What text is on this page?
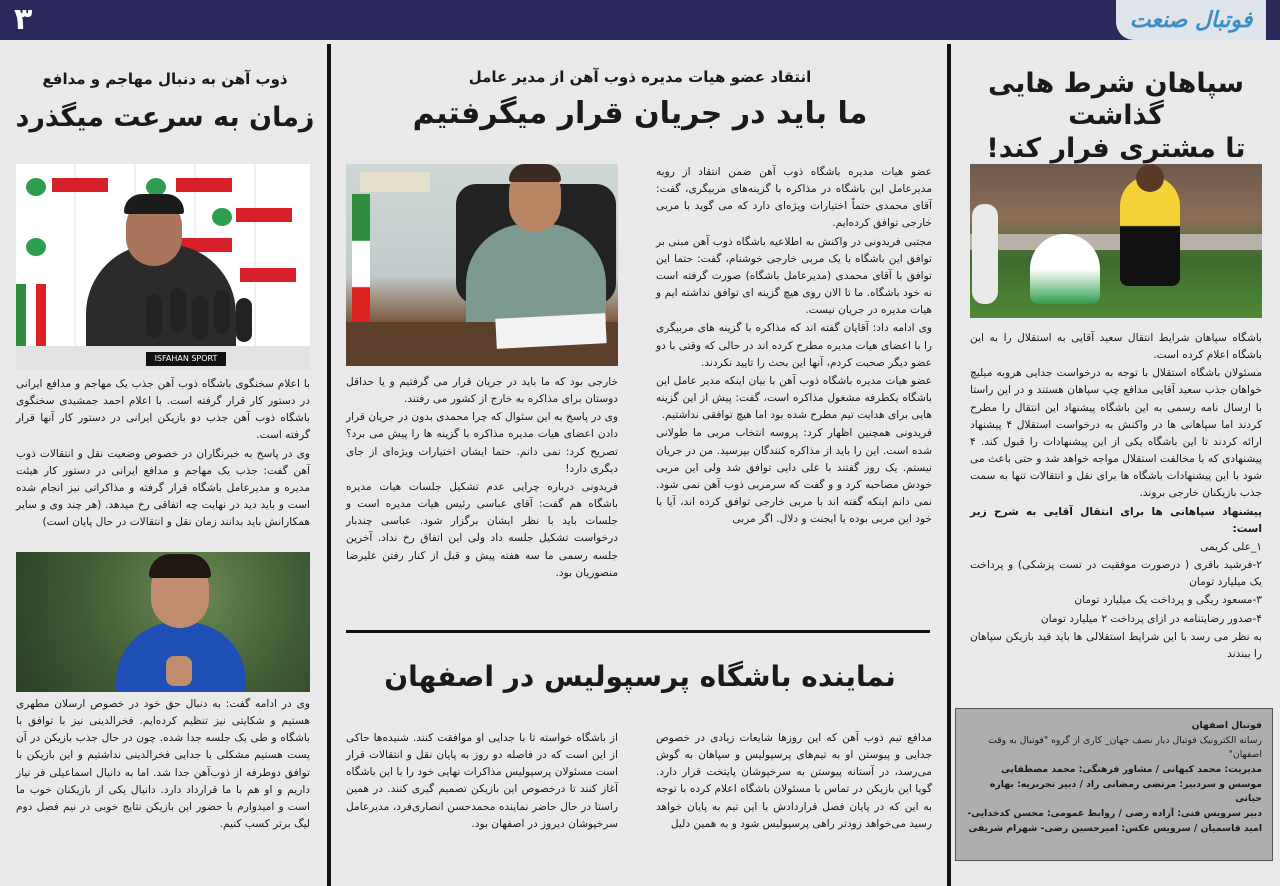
۳	فوتبال صنعت
سپاهان شرط هایی گذاشت
تا مشتری فرار کند!

باشگاه سپاهان شرایط انتقال سعید آقایی به استقلال را به این باشگاه اعلام کرده است.

مسئولان باشگاه استقلال با توجه به درخواست جدایی هروبه میلیچ خواهان جذب سعید آقایی مدافع چپ سپاهان هستند و در این راستا با ارسال نامه رسمی به این باشگاه پیشنهاد این انتقال را مطرح کردند اما سپاهانی ها در واکنش به درخواست استقلال ۴ پیشنهاد ارائه کردند تا این باشگاه یکی از این پیشنهادات را قبول کند. ۴ پیشنهادی که با مخالفت استقلال مواجه خواهد شد و حتی باعث می شود با این پیشنهادات باشگاه ها برای نقل و انتقالات تنها به سمت جذب بازیکنان خارجی بروند.

پیشنهاد سپاهانی ها برای انتقال آقایی به شرح زیر است:

۱_علی کریمی

۲-فرشید باقری ( درصورت موفقیت در تست پزشکی) و پرداخت یک میلیارد تومان

۳-مسعود ریگی و پرداخت یک میلیارد تومان

۴-صدور رضایتنامه در ازای پرداخت ۲ میلیارد تومان

به نظر می رسد با این شرایط استقلالی ها باید قید بازیکن سپاهان را ببندند

فوتبال اصفهان
رسانه الکترونیک فوتبال دیار نصف جهان_ کاری از گروه "فوتبال به وقت اصفهان"
مدیریت: محمد کیهانی / مشاور فرهنگی: محمد مصطفایی
موسس و سردبیر: مرتضی رمضانی راد / دبیر تحریریه: بهاره حیاتی
دبیر سرویس فنی: آزاده رضی / روابط عمومی: محسن کدخدایی- امید قاسمیان / سرویس عکس: امیرحسین رضی- شهرام شریفی
انتقاد عضو هیات مدیره ذوب آهن از مدیر عامل
ما باید در جریان قرار میگرفتیم

عضو هیات مدیره باشگاه ذوب آهن ضمن انتقاد از رویه مدیرعامل این باشگاه در مذاکره با گزینه‌های مربیگری، گفت: آقای محمدی حتماً اختیارات ویژه‌ای دارد که می گوید با مربی خارجی توافق کرده‌ایم.

مجتبی فریدونی در واکنش به اطلاعیه باشگاه ذوب آهن مبنی بر توافق این باشگاه با یک مربی خارجی خوشنام، گفت: حتما این توافق با آقای محمدی (مدیرعامل باشگاه) صورت گرفته است نه خود باشگاه. ما تا الان روی هیچ گزینه ای توافق نداشته ایم و هیات مدیره در جریان نیست.

وی ادامه داد: آقایان گفته اند که مذاکره با گزینه های مربیگری را با اعضای هیات مدیره مطرح کرده اند در حالی که وقتی با دو عضو دیگر صحبت کردم، آنها این بحث را تایید نکردند.

عضو هیات مدیره باشگاه ذوب آهن با بیان اینکه مدیر عامل این باشگاه یکطرفه مشغول مذاکره است، گفت: پیش از این گزینه هایی برای هدایت تیم مطرح شده بود اما هیچ توافقی نداشتیم.

فریدونی همچنین اظهار کرد: پروسه انتخاب مربی ما طولانی شده است. این را باید از مذاکره کنندگان بپرسید. من در جریان نیستم. یک روز گفتند با علی دایی توافق شد ولی این مربی خودش مصاحبه کرد و و گفت که سرمربی ذوب آهن نمی شود. نمی دانم اینکه گفته اند با مربی خارجی توافق کرده اند، آیا با خود این مربی بوده یا ایجنت و دلال. اگر مربی

خارجی بود که ما باید در جریان قرار می گرفتیم و یا حداقل دوستان برای مذاکره به خارج از کشور می رفتند.

وی در پاسخ به این سئوال که چرا محمدی بدون در جریان قرار دادن اعضای هیات مدیره مذاکره با گزینه ها را پیش می برد؟ تصریح کرد: نمی دانم. حتما ایشان اختیارات ویژه‌ای از جای دیگری دارد!

فریدونی درباره چرایی عدم تشکیل جلسات هیات مدیره باشگاه هم گفت: آقای عباسی رئیس هیات مدیره است و جلسات باید با نظر ایشان برگزار شود. عباسی چندبار درخواست تشکیل جلسه داد ولی این اتفاق رخ نداد. آخرین جلسه رسمی ما سه هفته پیش و قبل از کنار رفتن علیرضا منصوریان بود.

نماینده باشگاه پرسپولیس در اصفهان
مدافع تیم ذوب آهن که این روزها شایعات زیادی در خصوص جدایی و پیوستن او به تیم‌های پرسپولیس و سپاهان به گوش می‌رسد، در آستانه پیوستن به سرخپوشان پایتخت قرار دارد. گویا این بازیکن در تماس با مسئولان باشگاه اعلام کرده با توجه به این که در پایان فصل قراردادش با این تیم به پایان خواهد رسید می‌خواهد زودتر راهی پرسپولیس شود و به همین دلیل
از باشگاه خواسته تا با جدایی او موافقت کنند. شنیده‌ها حاکی از این است که در فاصله دو روز به پایان نقل و انتقالات قرار است مسئولان پرسپولیس مذاکرات نهایی خود را با این باشگاه آغاز کنند تا درخصوص این بازیکن تصمیم گیری کنند. در همین راستا در حال حاضر نماینده محمدحسن انصاری‌فرد، مدیرعامل سرخپوشان دیروز در اصفهان بود.
ذوب آهن به دنبال مهاجم و مدافع
زمان به سرعت میگذرد
ISFAHAN SPORT

با اعلام سخنگوی باشگاه ذوب آهن جذب یک مهاجم و مدافع ایرانی در دستور کار قرار گرفته است. با اعلام احمد جمشیدی سخنگوی باشگاه ذوب آهن جذب دو بازیکن ایرانی در دستور کار آنها قرار گرفته است.

وی در پاسخ به خبرنگاران در خصوص وضعیت نقل و انتقالات ذوب آهن گفت: جذب یک مهاجم و مدافع ایرانی در دستور کار هیئت مدیره و مدیرعامل باشگاه قرار گرفته و مذاکراتی نیز انجام شده است و باید دید در نهایت چه اتفاقی رخ میدهد. (هر چند وی و سایر همکارانش باید بدانند زمان نقل و انتقالات در حال پایان است)

وی در ادامه گفت: به دنبال حق خود در خصوص ارسلان مطهری هستیم و شکایتی نیز تنظیم کرده‌ایم. فخرالدینی نیز با توافق با باشگاه و طی یک جلسه جدا شده. چون در حال جذب بازیکن در آن پست هستیم مشکلی با جدایی فخرالدینی نداشتیم و این بازیکن با توافق دوطرفه از ذوب‌آهن جدا شد. اما به دانیال اسماعیلی فر نیاز داریم و او هم با ما قرارداد دارد. دانیال یکی از بازیکنان خوب ما است و امیدوارم با حضور این بازیکن نتایج خوبی در نیم فصل دوم لیگ برتر کسب کنیم.
